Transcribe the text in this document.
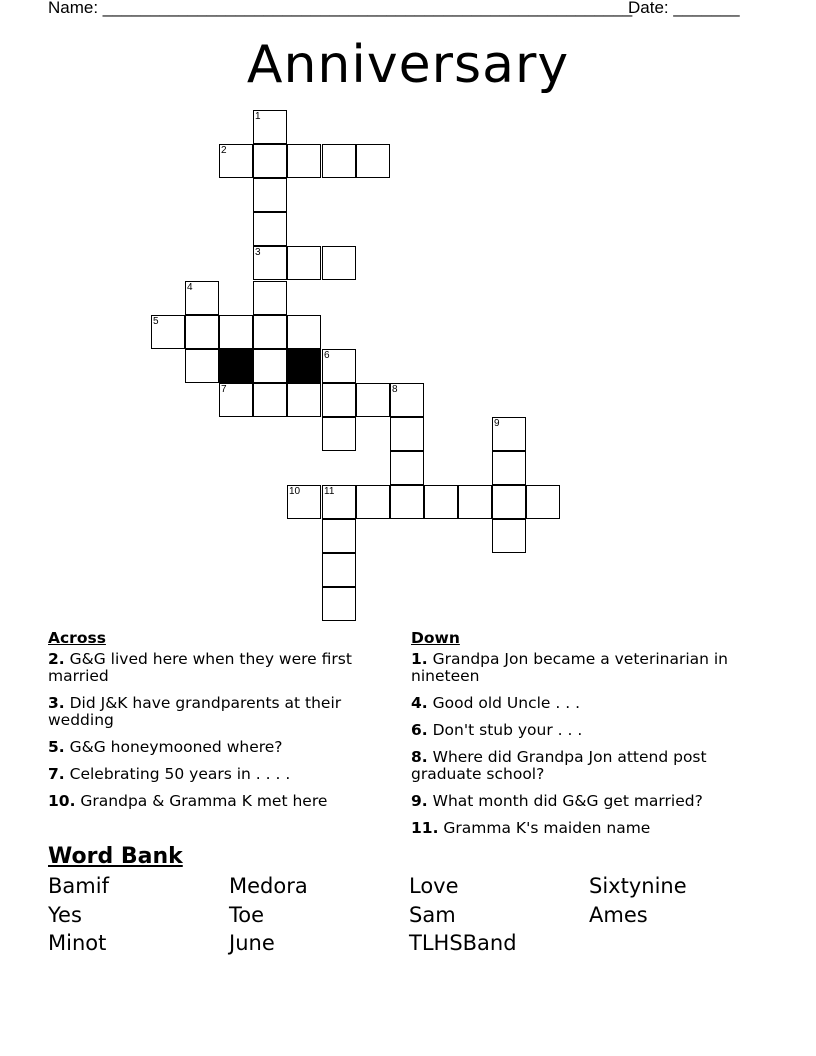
Name: ________________________________________________________
Date: _______
Anniversary
1
2
3
4
5
6
7	8
9
10 11
Across
2. G&G lived here when they were first married
3. Did J&K have grandparents at their wedding
5. G&G honeymooned where?
7. Celebrating 50 years in . . . .
10. Grandpa & Gramma K met here
Down
1. Grandpa Jon became a veterinarian in nineteen
4. Good old Uncle . . .
6. Don't stub your . . .
8. Where did Grandpa Jon attend post graduate school?
9. What month did G&G get married?
11. Gramma K's maiden name
Word Bank
Bamif	Medora	Love	Sixtynine
Yes	Toe	Sam	Ames
Minot	June	TLHSBand
